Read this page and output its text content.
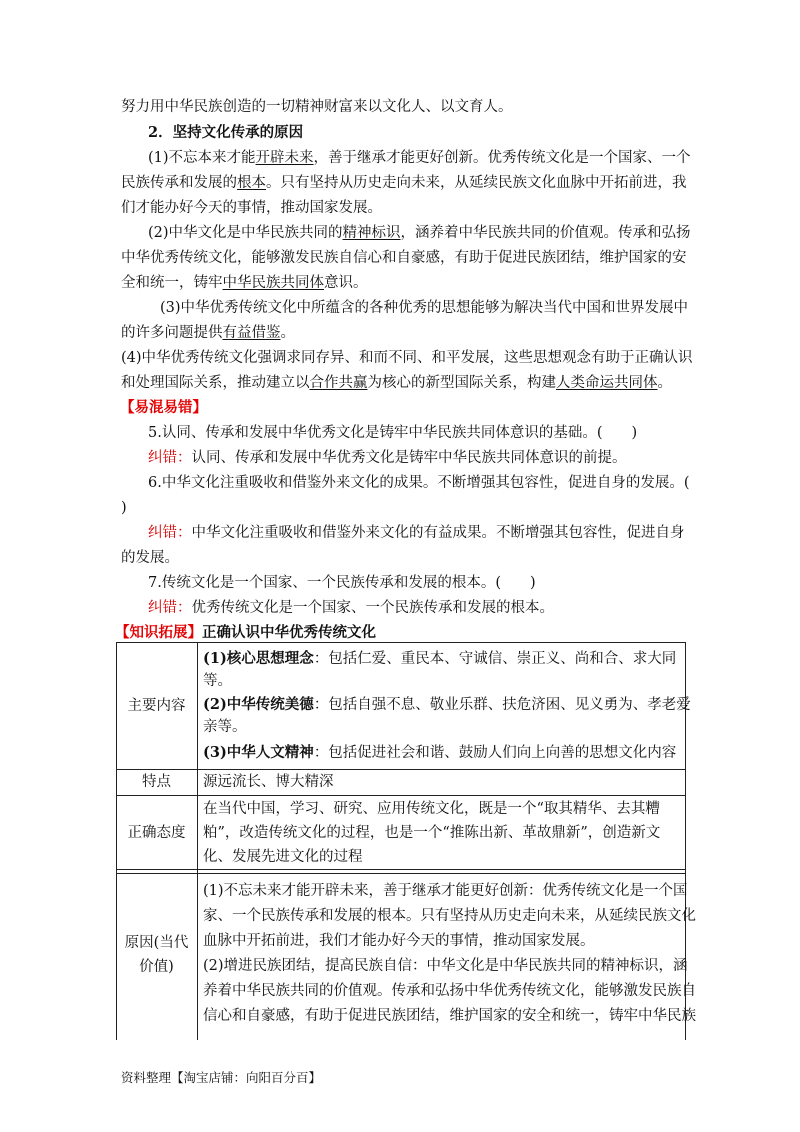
努力用中华民族创造的一切精神财富来以文化人、以文育人。
2．坚持文化传承的原因
(1)不忘本来才能开辟未来，善于继承才能更好创新。优秀传统文化是一个国家、一个
民族传承和发展的根本。只有坚持从历史走向未来，从延续民族文化血脉中开拓前进，我
们才能办好今天的事情，推动国家发展。
(2)中华文化是中华民族共同的精神标识，涵养着中华民族共同的价值观。传承和弘扬
中华优秀传统文化，能够激发民族自信心和自豪感，有助于促进民族团结，维护国家的安
全和统一，铸牢中华民族共同体意识。
(3)中华优秀传统文化中所蕴含的各种优秀的思想能够为解决当代中国和世界发展中
的许多问题提供有益借鉴。
(4)中华优秀传统文化强调求同存异、和而不同、和平发展，这些思想观念有助于正确认识
和处理国际关系，推动建立以合作共赢为核心的新型国际关系，构建人类命运共同体。
【易混易错】
5.认同、传承和发展中华优秀文化是铸牢中华民族共同体意识的基础。(　　)
纠错：认同、传承和发展中华优秀文化是铸牢中华民族共同体意识的前提。
6.中华文化注重吸收和借鉴外来文化的成果。不断增强其包容性，促进自身的发展。(
)
纠错：中华文化注重吸收和借鉴外来文化的有益成果。不断增强其包容性，促进自身
的发展。
7.传统文化是一个国家、一个民族传承和发展的根本。(　　)
纠错：优秀传统文化是一个国家、一个民族传承和发展的根本。
【知识拓展】正确认识中华优秀传统文化
主要内容
(1)核心思想理念：包括仁爱、重民本、守诚信、崇正义、尚和合、求大同
等。
(2)中华传统美德：包括自强不息、敬业乐群、扶危济困、见义勇为、孝老爱
亲等。
(3)中华人文精神：包括促进社会和谐、鼓励人们向上向善的思想文化内容
特点	源远流长、博大精深
正确态度
在当代中国，学习、研究、应用传统文化，既是一个“取其精华、去其糟
粕”，改造传统文化的过程，也是一个“推陈出新、革故鼎新”，创造新文
化、发展先进文化的过程
原因(当代
价值)
(1)不忘未来才能开辟未来，善于继承才能更好创新：优秀传统文化是一个国
家、一个民族传承和发展的根本。只有坚持从历史走向未来，从延续民族文化
血脉中开拓前进，我们才能办好今天的事情，推动国家发展。
(2)增进民族团结，提高民族自信：中华文化是中华民族共同的精神标识，涵
养着中华民族共同的价值观。传承和弘扬中华优秀传统文化，能够激发民族自
信心和自豪感，有助于促进民族团结，维护国家的安全和统一，铸牢中华民族
资料整理【淘宝店铺：向阳百分百】
